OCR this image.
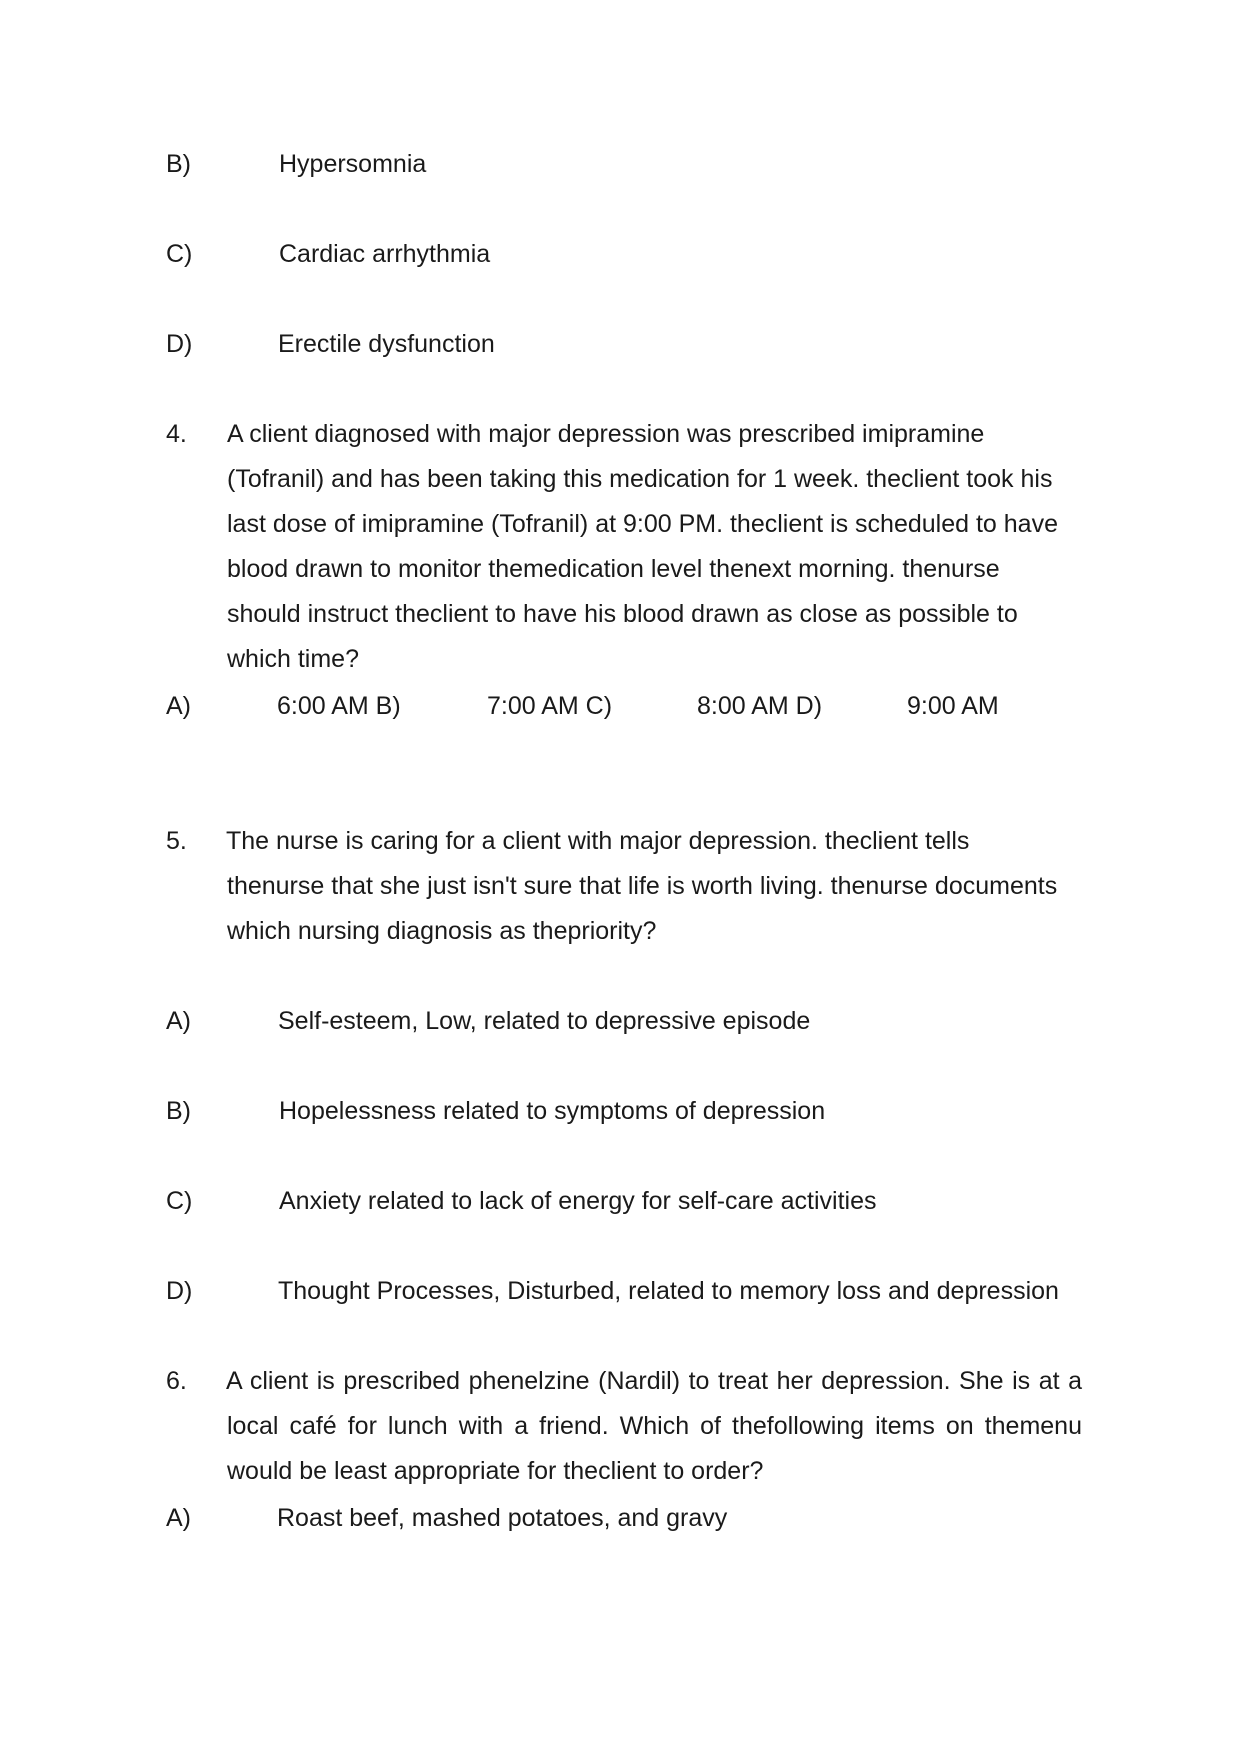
B)	Hypersomnia
C)	Cardiac arrhythmia
D)	Erectile dysfunction
4. A client diagnosed with major depression was prescribed imipramine
(Tofranil) and has been taking this medication for 1 week. theclient took his
last dose of imipramine (Tofranil) at 9:00 PM. theclient is scheduled to have
blood drawn to monitor themedication level thenext morning. thenurse
should instruct theclient to have his blood drawn as close as possible to
which time?
A)	6:00 AM B)	7:00 AM C)	8:00 AM D)	9:00 AM
5. The nurse is caring for a client with major depression. theclient tells
thenurse that she just isn't sure that life is worth living. thenurse documents
which nursing diagnosis as thepriority?
A)	Self-esteem, Low, related to depressive episode
B)	Hopelessness related to symptoms of depression
C)	Anxiety related to lack of energy for self-care activities
D)	Thought Processes, Disturbed, related to memory loss and depression
6. A client is prescribed phenelzine (Nardil) to treat her depression. She is at a
local café for lunch with a friend. Which of thefollowing items on themenu
would be least appropriate for theclient to order?
A)	Roast beef, mashed potatoes, and gravy
